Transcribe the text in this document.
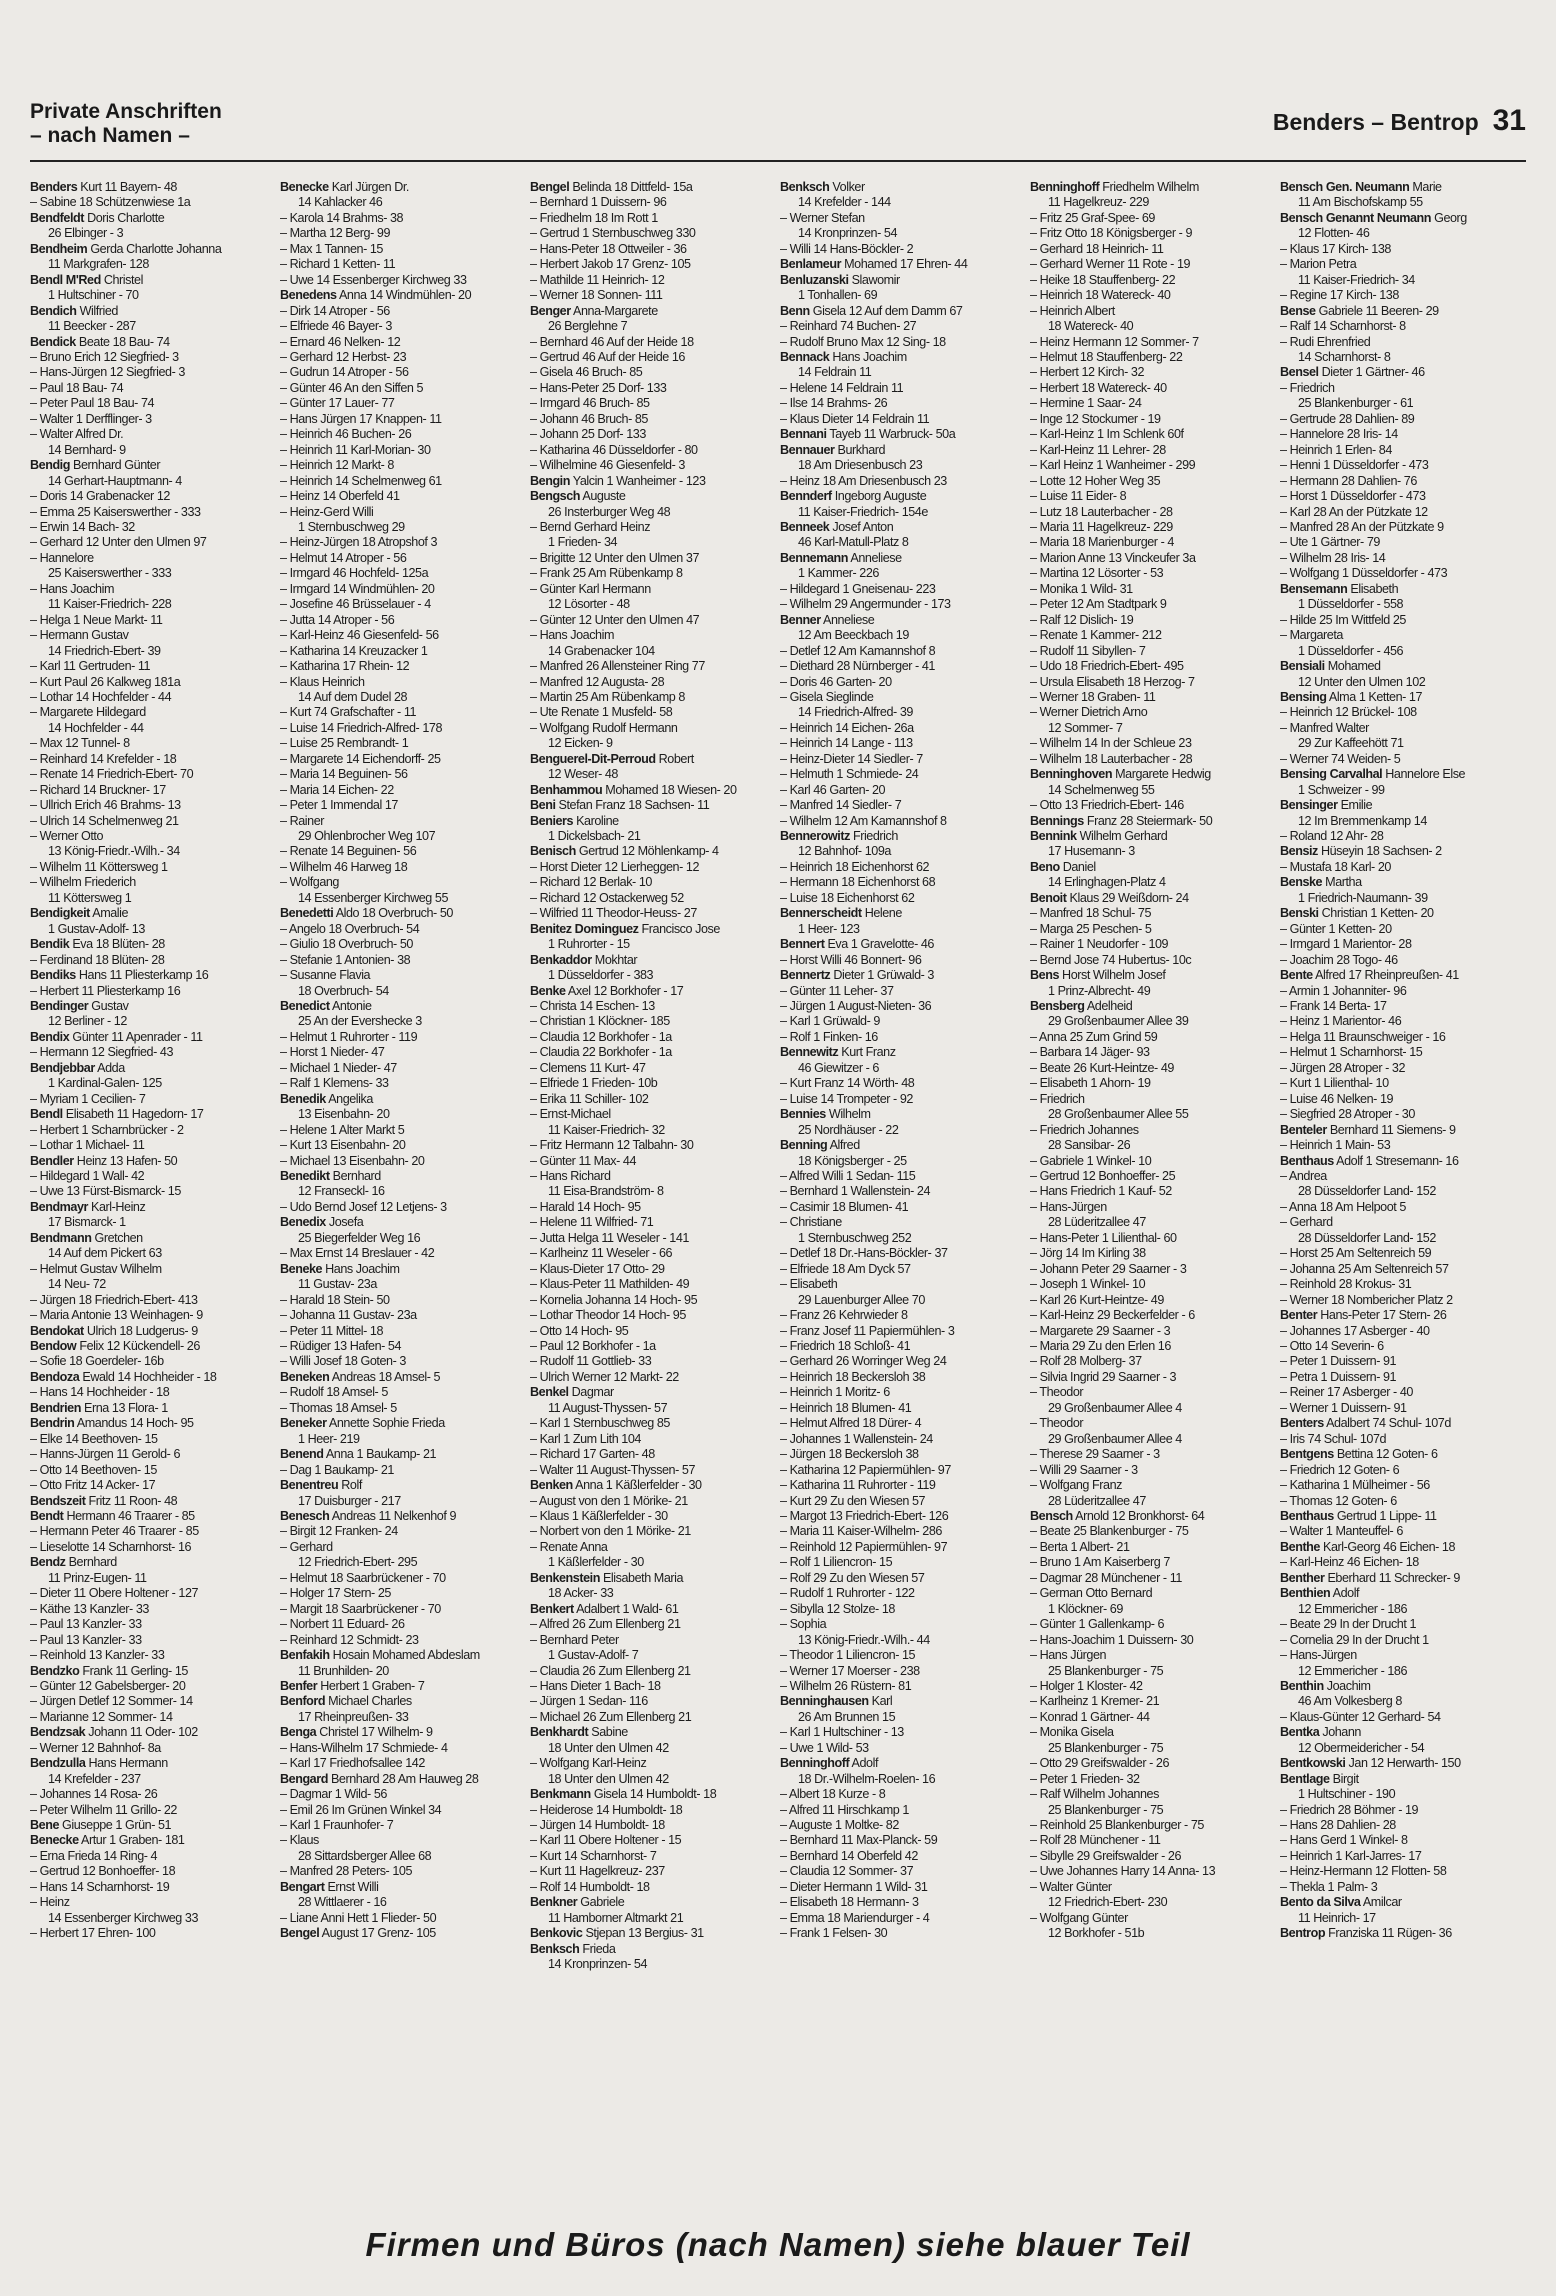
Private Anschriften
– nach Namen –
Benders – Bentrop 31
Benders Kurt 11 Bayern- 48
– Sabine 18 Schützenwiese 1a
Bendfeldt Doris Charlotte
26 Elbinger - 3
Bendheim Gerda Charlotte Johanna
11 Markgrafen- 128
Bendl M'Red Christel
1 Hultschiner - 70
Bendich Wilfried
11 Beecker - 287
Bendick Beate 18 Bau- 74
– Bruno Erich 12 Siegfried- 3
– Hans-Jürgen 12 Siegfried- 3
– Paul 18 Bau- 74
– Peter Paul 18 Bau- 74
– Walter 1 Derfflinger- 3
– Walter Alfred Dr.
14 Bernhard- 9
Bendig Bernhard Günter
14 Gerhart-Hauptmann- 4
– Doris 14 Grabenacker 12
– Emma 25 Kaiserswerther - 333
– Erwin 14 Bach- 32
– Gerhard 12 Unter den Ulmen 97
– Hannelore
25 Kaiserswerther - 333
– Hans Joachim
11 Kaiser-Friedrich- 228
– Helga 1 Neue Markt- 11
– Hermann Gustav
14 Friedrich-Ebert- 39
– Karl 11 Gertruden- 11
– Kurt Paul 26 Kalkweg 181a
– Lothar 14 Hochfelder - 44
– Margarete Hildegard
14 Hochfelder - 44
– Max 12 Tunnel- 8
– Reinhard 14 Krefelder - 18
– Renate 14 Friedrich-Ebert- 70
– Richard 14 Bruckner- 17
– Ullrich Erich 46 Brahms- 13
– Ulrich 14 Schelmenweg 21
– Werner Otto
13 König-Friedr.-Wilh.- 34
– Wilhelm 11 Köttersweg 1
– Wilhelm Friederich
11 Köttersweg 1
Bendigkeit Amalie
1 Gustav-Adolf- 13
Bendik Eva 18 Blüten- 28
– Ferdinand 18 Blüten- 28
Bendiks Hans 11 Pliesterkamp 16
– Herbert 11 Pliesterkamp 16
Bendinger Gustav
12 Berliner - 12
Bendix Günter 11 Apenrader - 11
– Hermann 12 Siegfried- 43
Bendjebbar Adda
1 Kardinal-Galen- 125
– Myriam 1 Cecilien- 7
Bendl Elisabeth 11 Hagedorn- 17
– Herbert 1 Scharnbrücker - 2
– Lothar 1 Michael- 11
Bendler Heinz 13 Hafen- 50
– Hildegard 1 Wall- 42
– Uwe 13 Fürst-Bismarck- 15
Bendmayr Karl-Heinz
17 Bismarck- 1
Bendmann Gretchen
14 Auf dem Pickert 63
– Helmut Gustav Wilhelm
14 Neu- 72
– Jürgen 18 Friedrich-Ebert- 413
– Maria Antonie 13 Weinhagen- 9
Bendokat Ulrich 18 Ludgerus- 9
Bendow Felix 12 Kückendell- 26
– Sofie 18 Goerdeler- 16b
Bendoza Ewald 14 Hochheider - 18
– Hans 14 Hochheider - 18
Bendrien Erna 13 Flora- 1
Bendrin Amandus 14 Hoch- 95
– Elke 14 Beethoven- 15
– Hanns-Jürgen 11 Gerold- 6
– Otto 14 Beethoven- 15
– Otto Fritz 14 Acker- 17
Bendszeit Fritz 11 Roon- 48
Bendt Hermann 46 Traarer - 85
– Hermann Peter 46 Traarer - 85
– Lieselotte 14 Scharnhorst- 16
Bendz Bernhard
11 Prinz-Eugen- 11
– Dieter 11 Obere Holtener - 127
– Käthe 13 Kanzler- 33
– Paul 13 Kanzler- 33
– Paul 13 Kanzler- 33
– Reinhold 13 Kanzler- 33
Bendzko Frank 11 Gerling- 15
– Günter 12 Gabelsberger- 20
– Jürgen Detlef 12 Sommer- 14
– Marianne 12 Sommer- 14
Bendzsak Johann 11 Oder- 102
– Werner 12 Bahnhof- 8a
Bendzulla Hans Hermann
14 Krefelder - 237
– Johannes 14 Rosa- 26
– Peter Wilhelm 11 Grillo- 22
Bene Giuseppe 1 Grün- 51
Benecke Artur 1 Graben- 181
– Erna Frieda 14 Ring- 4
– Gertrud 12 Bonhoeffer- 18
– Hans 14 Scharnhorst- 19
– Heinz
14 Essenberger Kirchweg 33
– Herbert 17 Ehren- 100
Benecke Karl Jürgen Dr.
14 Kahlacker 46
– Karola 14 Brahms- 38
– Martha 12 Berg- 99
– Max 1 Tannen- 15
– Richard 1 Ketten- 11
– Uwe 14 Essenberger Kirchweg 33
Benedens Anna 14 Windmühlen- 20
– Dirk 14 Atroper - 56
– Elfriede 46 Bayer- 3
– Ernard 46 Nelken- 12
– Gerhard 12 Herbst- 23
– Gudrun 14 Atroper - 56
– Günter 46 An den Siffen 5
– Günter 17 Lauer- 77
– Hans Jürgen 17 Knappen- 11
– Heinrich 46 Buchen- 26
– Heinrich 11 Karl-Morian- 30
– Heinrich 12 Markt- 8
– Heinrich 14 Schelmenweg 61
– Heinz 14 Oberfeld 41
– Heinz-Gerd Willi
1 Sternbuschweg 29
– Heinz-Jürgen 18 Atropshof 3
– Helmut 14 Atroper - 56
– Irmgard 46 Hochfeld- 125a
– Irmgard 14 Windmühlen- 20
– Josefine 46 Brüsselauer - 4
– Jutta 14 Atroper - 56
– Karl-Heinz 46 Giesenfeld- 56
– Katharina 14 Kreuzacker 1
– Katharina 17 Rhein- 12
– Klaus Heinrich
14 Auf dem Dudel 28
– Kurt 74 Grafschafter - 11
– Luise 14 Friedrich-Alfred- 178
– Luise 25 Rembrandt- 1
– Margarete 14 Eichendorff- 25
– Maria 14 Beguinen- 56
– Maria 14 Eichen- 22
– Peter 1 Immendal 17
– Rainer
29 Ohlenbrocher Weg 107
– Renate 14 Beguinen- 56
– Wilhelm 46 Harweg 18
– Wolfgang
14 Essenberger Kirchweg 55
Benedetti Aldo 18 Overbruch- 50
– Angelo 18 Overbruch- 54
– Giulio 18 Overbruch- 50
– Stefanie 1 Antonien- 38
– Susanne Flavia
18 Overbruch- 54
Benedict Antonie
25 An der Evershecke 3
– Helmut 1 Ruhrorter - 119
– Horst 1 Nieder- 47
– Michael 1 Nieder- 47
– Ralf 1 Klemens- 33
Benedik Angelika
13 Eisenbahn- 20
– Helene 1 Alter Markt 5
– Kurt 13 Eisenbahn- 20
– Michael 13 Eisenbahn- 20
Benedikt Bernhard
12 Franseckl- 16
– Udo Bernd Josef 12 Letjens- 3
Benedix Josefa
25 Biegerfelder Weg 16
– Max Ernst 14 Breslauer - 42
Beneke Hans Joachim
11 Gustav- 23a
– Harald 18 Stein- 50
– Johanna 11 Gustav- 23a
– Peter 11 Mittel- 18
– Rüdiger 13 Hafen- 54
– Willi Josef 18 Goten- 3
Beneken Andreas 18 Amsel- 5
– Rudolf 18 Amsel- 5
– Thomas 18 Amsel- 5
Beneker Annette Sophie Frieda
1 Heer- 219
Benend Anna 1 Baukamp- 21
– Dag 1 Baukamp- 21
Benentreu Rolf
17 Duisburger - 217
Benesch Andreas 11 Nelkenhof 9
– Birgit 12 Franken- 24
– Gerhard
12 Friedrich-Ebert- 295
– Helmut 18 Saarbrückener - 70
– Holger 17 Stern- 25
– Margit 18 Saarbrückener - 70
– Norbert 11 Eduard- 26
– Reinhard 12 Schmidt- 23
Benfakih Hosain Mohamed Abdeslam
11 Brunhilden- 20
Benfer Herbert 1 Graben- 7
Benford Michael Charles
17 Rheinpreußen- 33
Benga Christel 17 Wilhelm- 9
– Hans-Wilhelm 17 Schmiede- 4
– Karl 17 Friedhofsallee 142
Bengard Bernhard 28 Am Hauweg 28
– Dagmar 1 Wild- 56
– Emil 26 Im Grünen Winkel 34
– Karl 1 Fraunhofer- 7
– Klaus
28 Sittardsberger Allee 68
– Manfred 28 Peters- 105
Bengart Ernst Willi
28 Wittlaerer - 16
– Liane Anni Hett 1 Flieder- 50
Bengel August 17 Grenz- 105
Bengel Belinda 18 Dittfeld- 15a
– Bernhard 1 Duissern- 96
– Friedhelm 18 Im Rott 1
– Gertrud 1 Sternbuschweg 330
– Hans-Peter 18 Ottweiler - 36
– Herbert Jakob 17 Grenz- 105
– Mathilde 11 Heinrich- 12
– Werner 18 Sonnen- 111
Benger Anna-Margarete
26 Berglehne 7
– Bernhard 46 Auf der Heide 18
– Gertrud 46 Auf der Heide 16
– Gisela 46 Bruch- 85
– Hans-Peter 25 Dorf- 133
– Irmgard 46 Bruch- 85
– Johann 46 Bruch- 85
– Johann 25 Dorf- 133
– Katharina 46 Düsseldorfer - 80
– Wilhelmine 46 Giesenfeld- 3
Bengin Yalcin 1 Wanheimer - 123
Bengsch Auguste
26 Insterburger Weg 48
– Bernd Gerhard Heinz
1 Frieden- 34
– Brigitte 12 Unter den Ulmen 37
– Frank 25 Am Rübenkamp 8
– Günter Karl Hermann
12 Lösorter - 48
– Günter 12 Unter den Ulmen 47
– Hans Joachim
14 Grabenacker 104
– Manfred 26 Allensteiner Ring 77
– Manfred 12 Augusta- 28
– Martin 25 Am Rübenkamp 8
– Ute Renate 1 Musfeld- 58
– Wolfgang Rudolf Hermann
12 Eicken- 9
Benguerel-Dit-Perroud Robert
12 Weser- 48
Benhammou Mohamed 18 Wiesen- 20
Beni Stefan Franz 18 Sachsen- 11
Beniers Karoline
1 Dickelsbach- 21
Benisch Gertrud 12 Möhlenkamp- 4
– Horst Dieter 12 Lierheggen- 12
– Richard 12 Berlak- 10
– Richard 12 Ostackerweg 52
– Wilfried 11 Theodor-Heuss- 27
Benitez Dominguez Francisco Jose
1 Ruhrorter - 15
Benkaddor Mokhtar
1 Düsseldorfer - 383
Benke Axel 12 Borkhofer - 17
– Christa 14 Eschen- 13
– Christian 1 Klöckner- 185
– Claudia 12 Borkhofer - 1a
– Claudia 22 Borkhofer - 1a
– Clemens 11 Kurt- 47
– Elfriede 1 Frieden- 10b
– Erika 11 Schiller- 102
– Ernst-Michael
11 Kaiser-Friedrich- 32
– Fritz Hermann 12 Talbahn- 30
– Günter 11 Max- 44
– Hans Richard
11 Eisa-Brandström- 8
– Harald 14 Hoch- 95
– Helene 11 Wilfried- 71
– Jutta Helga 11 Weseler - 141
– Karlheinz 11 Weseler - 66
– Klaus-Dieter 17 Otto- 29
– Klaus-Peter 11 Mathilden- 49
– Kornelia Johanna 14 Hoch- 95
– Lothar Theodor 14 Hoch- 95
– Otto 14 Hoch- 95
– Paul 12 Borkhofer - 1a
– Rudolf 11 Gottlieb- 33
– Ulrich Werner 12 Markt- 22
Benkel Dagmar
11 August-Thyssen- 57
– Karl 1 Sternbuschweg 85
– Karl 1 Zum Lith 104
– Richard 17 Garten- 48
– Walter 11 August-Thyssen- 57
Benken Anna 1 Käßlerfelder - 30
– August von den 1 Mörike- 21
– Klaus 1 Käßlerfelder - 30
– Norbert von den 1 Mörike- 21
– Renate Anna
1 Käßlerfelder - 30
Benkenstein Elisabeth Maria
18 Acker- 33
Benkert Adalbert 1 Wald- 61
– Alfred 26 Zum Ellenberg 21
– Bernhard Peter
1 Gustav-Adolf- 7
– Claudia 26 Zum Ellenberg 21
– Hans Dieter 1 Bach- 18
– Jürgen 1 Sedan- 116
– Michael 26 Zum Ellenberg 21
Benkhardt Sabine
18 Unter den Ulmen 42
– Wolfgang Karl-Heinz
18 Unter den Ulmen 42
Benkmann Gisela 14 Humboldt- 18
– Heiderose 14 Humboldt- 18
– Jürgen 14 Humboldt- 18
– Karl 11 Obere Holtener - 15
– Kurt 14 Scharnhorst- 7
– Kurt 11 Hagelkreuz- 237
– Rolf 14 Humboldt- 18
Benkner Gabriele
11 Hamborner Altmarkt 21
Benkovic Stjepan 13 Bergius- 31
Benksch Frieda
14 Kronprinzen- 54
Benksch Volker
14 Krefelder - 144
– Werner Stefan
14 Kronprinzen- 54
– Willi 14 Hans-Böckler- 2
Benlameur Mohamed 17 Ehren- 44
Benluzanski Slawomir
1 Tonhallen- 69
Benn Gisela 12 Auf dem Damm 67
– Reinhard 74 Buchen- 27
– Rudolf Bruno Max 12 Sing- 18
Bennack Hans Joachim
14 Feldrain 11
– Helene 14 Feldrain 11
– Ilse 14 Brahms- 26
– Klaus Dieter 14 Feldrain 11
Bennani Tayeb 11 Warbruck- 50a
Bennauer Burkhard
18 Am Driesenbusch 23
– Heinz 18 Am Driesenbusch 23
Bennderf Ingeborg Auguste
11 Kaiser-Friedrich- 154e
Benneek Josef Anton
46 Karl-Matull-Platz 8
Bennemann Anneliese
1 Kammer- 226
– Hildegard 1 Gneisenau- 223
– Wilhelm 29 Angermunder - 173
Benner Anneliese
12 Am Beeckbach 19
– Detlef 12 Am Kamannshof 8
– Diethard 28 Nürnberger - 41
– Doris 46 Garten- 20
– Gisela Sieglinde
14 Friedrich-Alfred- 39
– Heinrich 14 Eichen- 26a
– Heinrich 14 Lange - 113
– Heinz-Dieter 14 Siedler- 7
– Helmuth 1 Schmiede- 24
– Karl 46 Garten- 20
– Manfred 14 Siedler- 7
– Wilhelm 12 Am Kamannshof 8
Bennerowitz Friedrich
12 Bahnhof- 109a
– Heinrich 18 Eichenhorst 62
– Hermann 18 Eichenhorst 68
– Luise 18 Eichenhorst 62
Bennerscheidt Helene
1 Heer- 123
Bennert Eva 1 Gravelotte- 46
– Horst Willi 46 Bonnert- 96
Bennertz Dieter 1 Grüwald- 3
– Günter 11 Leher- 37
– Jürgen 1 August-Nieten- 36
– Karl 1 Grüwald- 9
– Rolf 1 Finken- 16
Bennewitz Kurt Franz
46 Giewitzer - 6
– Kurt Franz 14 Wörth- 48
– Luise 14 Trompeter - 92
Bennies Wilhelm
25 Nordhäuser - 22
Benning Alfred
18 Königsberger - 25
– Alfred Willi 1 Sedan- 115
– Bernhard 1 Wallenstein- 24
– Casimir 18 Blumen- 41
– Christiane
1 Sternbuschweg 252
– Detlef 18 Dr.-Hans-Böckler- 37
– Elfriede 18 Am Dyck 57
– Elisabeth
29 Lauenburger Allee 70
– Franz 26 Kehrwieder 8
– Franz Josef 11 Papiermühlen- 3
– Friedrich 18 Schloß- 41
– Gerhard 26 Worringer Weg 24
– Heinrich 18 Beckersloh 38
– Heinrich 1 Moritz- 6
– Heinrich 18 Blumen- 41
– Helmut Alfred 18 Dürer- 4
– Johannes 1 Wallenstein- 24
– Jürgen 18 Beckersloh 38
– Katharina 12 Papiermühlen- 97
– Katharina 11 Ruhrorter - 119
– Kurt 29 Zu den Wiesen 57
– Margot 13 Friedrich-Ebert- 126
– Maria 11 Kaiser-Wilhelm- 286
– Reinhold 12 Papiermühlen- 97
– Rolf 1 Liliencron- 15
– Rolf 29 Zu den Wiesen 57
– Rudolf 1 Ruhrorter - 122
– Sibylla 12 Stolze- 18
– Sophia
13 König-Friedr.-Wilh.- 44
– Theodor 1 Liliencron- 15
– Werner 17 Moerser - 238
– Wilhelm 26 Rüstern- 81
Benninghausen Karl
26 Am Brunnen 15
– Karl 1 Hultschiner - 13
– Uwe 1 Wild- 53
Benninghoff Adolf
18 Dr.-Wilhelm-Roelen- 16
– Albert 18 Kurze - 8
– Alfred 11 Hirschkamp 1
– Auguste 1 Moltke- 82
– Bernhard 11 Max-Planck- 59
– Bernhard 14 Oberfeld 42
– Claudia 12 Sommer- 37
– Dieter Hermann 1 Wild- 31
– Elisabeth 18 Hermann- 3
– Emma 18 Mariendurger - 4
– Frank 1 Felsen- 30
Benninghoff Friedhelm Wilhelm
11 Hagelkreuz- 229
– Fritz 25 Graf-Spee- 69
– Fritz Otto 18 Königsberger - 9
– Gerhard 18 Heinrich- 11
– Gerhard Werner 11 Rote - 19
– Heike 18 Stauffenberg- 22
– Heinrich 18 Watereck- 40
– Heinrich Albert
18 Watereck- 40
– Heinz Hermann 12 Sommer- 7
– Helmut 18 Stauffenberg- 22
– Herbert 12 Kirch- 32
– Herbert 18 Watereck- 40
– Hermine 1 Saar- 24
– Inge 12 Stockumer - 19
– Karl-Heinz 1 Im Schlenk 60f
– Karl-Heinz 11 Lehrer- 28
– Karl Heinz 1 Wanheimer - 299
– Lotte 12 Hoher Weg 35
– Luise 11 Eider- 8
– Lutz 18 Lauterbacher - 28
– Maria 11 Hagelkreuz- 229
– Maria 18 Marienburger - 4
– Marion Anne 13 Vinckeufer 3a
– Martina 12 Lösorter - 53
– Monika 1 Wild- 31
– Peter 12 Am Stadtpark 9
– Ralf 12 Dislich- 19
– Renate 1 Kammer- 212
– Rudolf 11 Sibyllen- 7
– Udo 18 Friedrich-Ebert- 495
– Ursula Elisabeth 18 Herzog- 7
– Werner 18 Graben- 11
– Werner Dietrich Arno
12 Sommer- 7
– Wilhelm 14 In der Schleue 23
– Wilhelm 18 Lauterbacher - 28
Benninghoven Margarete Hedwig
14 Schelmenweg 55
– Otto 13 Friedrich-Ebert- 146
Bennings Franz 28 Steiermark- 50
Bennink Wilhelm Gerhard
17 Husemann- 3
Beno Daniel
14 Erlinghagen-Platz 4
Benoit Klaus 29 Weißdorn- 24
– Manfred 18 Schul- 75
– Marga 25 Peschen- 5
– Rainer 1 Neudorfer - 109
– Bernd Jose 74 Hubertus- 10c
Bens Horst Wilhelm Josef
1 Prinz-Albrecht- 49
Bensberg Adelheid
29 Großenbaumer Allee 39
– Anna 25 Zum Grind 59
– Barbara 14 Jäger- 93
– Beate 26 Kurt-Heintze- 49
– Elisabeth 1 Ahorn- 19
– Friedrich
28 Großenbaumer Allee 55
– Friedrich Johannes
28 Sansibar- 26
– Gabriele 1 Winkel- 10
– Gertrud 12 Bonhoeffer- 25
– Hans Friedrich 1 Kauf- 52
– Hans-Jürgen
28 Lüderitzallee 47
– Hans-Peter 1 Lilienthal- 60
– Jörg 14 Im Kirling 38
– Johann Peter 29 Saarner - 3
– Joseph 1 Winkel- 10
– Karl 26 Kurt-Heintze- 49
– Karl-Heinz 29 Beckerfelder - 6
– Margarete 29 Saarner - 3
– Maria 29 Zu den Erlen 16
– Rolf 28 Molberg- 37
– Silvia Ingrid 29 Saarner - 3
– Theodor
29 Großenbaumer Allee 4
– Theodor
29 Großenbaumer Allee 4
– Therese 29 Saarner - 3
– Willi 29 Saarner - 3
– Wolfgang Franz
28 Lüderitzallee 47
Bensch Arnold 12 Bronkhorst- 64
– Beate 25 Blankenburger - 75
– Berta 1 Albert- 21
– Bruno 1 Am Kaiserberg 7
– Dagmar 28 Münchener - 11
– German Otto Bernard
1 Klöckner- 69
– Günter 1 Gallenkamp- 6
– Hans-Joachim 1 Duissern- 30
– Hans Jürgen
25 Blankenburger - 75
– Holger 1 Kloster- 42
– Karlheinz 1 Kremer- 21
– Konrad 1 Gärtner- 44
– Monika Gisela
25 Blankenburger - 75
– Otto 29 Greifswalder - 26
– Peter 1 Frieden- 32
– Ralf Wilhelm Johannes
25 Blankenburger - 75
– Reinhold 25 Blankenburger - 75
– Rolf 28 Münchener - 11
– Sibylle 29 Greifswalder - 26
– Uwe Johannes Harry 14 Anna- 13
– Walter Günter
12 Friedrich-Ebert- 230
– Wolfgang Günter
12 Borkhofer - 51b
Bensch Gen. Neumann Marie
11 Am Bischofskamp 55
Bensch Genannt Neumann Georg
12 Flotten- 46
– Klaus 17 Kirch- 138
– Marion Petra
11 Kaiser-Friedrich- 34
– Regine 17 Kirch- 138
Bense Gabriele 11 Beeren- 29
– Ralf 14 Scharnhorst- 8
– Rudi Ehrenfried
14 Scharnhorst- 8
Bensel Dieter 1 Gärtner- 46
– Friedrich
25 Blankenburger - 61
– Gertrude 28 Dahlien- 89
– Hannelore 28 Iris- 14
– Heinrich 1 Erlen- 84
– Henni 1 Düsseldorfer - 473
– Hermann 28 Dahlien- 76
– Horst 1 Düsseldorfer - 473
– Karl 28 An der Pützkate 12
– Manfred 28 An der Pützkate 9
– Ute 1 Gärtner- 79
– Wilhelm 28 Iris- 14
– Wolfgang 1 Düsseldorfer - 473
Bensemann Elisabeth
1 Düsseldorfer - 558
– Hilde 25 Im Wittfeld 25
– Margareta
1 Düsseldorfer - 456
Bensiali Mohamed
12 Unter den Ulmen 102
Bensing Alma 1 Ketten- 17
– Heinrich 12 Brückel- 108
– Manfred Walter
29 Zur Kaffeehött 71
– Werner 74 Weiden- 5
Bensing Carvalhal Hannelore Else
1 Schweizer - 99
Bensinger Emilie
12 Im Bremmenkamp 14
– Roland 12 Ahr- 28
Bensiz Hüseyin 18 Sachsen- 2
– Mustafa 18 Karl- 20
Benske Martha
1 Friedrich-Naumann- 39
Benski Christian 1 Ketten- 20
– Günter 1 Ketten- 20
– Irmgard 1 Marientor- 28
– Joachim 28 Togo- 46
Bente Alfred 17 Rheinpreußen- 41
– Armin 1 Johanniter- 96
– Frank 14 Berta- 17
– Heinz 1 Marientor- 46
– Helga 11 Braunschweiger - 16
– Helmut 1 Scharnhorst- 15
– Jürgen 28 Atroper - 32
– Kurt 1 Lilienthal- 10
– Luise 46 Nelken- 19
– Siegfried 28 Atroper - 30
Benteler Bernhard 11 Siemens- 9
– Heinrich 1 Main- 53
Benthaus Adolf 1 Stresemann- 16
– Andrea
28 Düsseldorfer Land- 152
– Anna 18 Am Helpoot 5
– Gerhard
28 Düsseldorfer Land- 152
– Horst 25 Am Seltenreich 59
– Johanna 25 Am Seltenreich 57
– Reinhold 28 Krokus- 31
– Werner 18 Nombericher Platz 2
Benter Hans-Peter 17 Stern- 26
– Johannes 17 Asberger - 40
– Otto 14 Severin- 6
– Peter 1 Duissern- 91
– Petra 1 Duissern- 91
– Reiner 17 Asberger - 40
– Werner 1 Duissern- 91
Benters Adalbert 74 Schul- 107d
– Iris 74 Schul- 107d
Bentgens Bettina 12 Goten- 6
– Friedrich 12 Goten- 6
– Katharina 1 Mülheimer - 56
– Thomas 12 Goten- 6
Benthaus Gertrud 1 Lippe- 11
– Walter 1 Manteuffel- 6
Benthe Karl-Georg 46 Eichen- 18
– Karl-Heinz 46 Eichen- 18
Benther Eberhard 11 Schrecker- 9
Benthien Adolf
12 Emmericher - 186
– Beate 29 In der Drucht 1
– Cornelia 29 In der Drucht 1
– Hans-Jürgen
12 Emmericher - 186
Benthin Joachim
46 Am Volkesberg 8
– Klaus-Günter 12 Gerhard- 54
Bentka Johann
12 Obermeidericher - 54
Bentkowski Jan 12 Herwarth- 150
Bentlage Birgit
1 Hultschiner - 190
– Friedrich 28 Böhmer - 19
– Hans 28 Dahlien- 28
– Hans Gerd 1 Winkel- 8
– Heinrich 1 Karl-Jarres- 17
– Heinz-Hermann 12 Flotten- 58
– Thekla 1 Palm- 3
Bento da Silva Amilcar
11 Heinrich- 17
Bentrop Franziska 11 Rügen- 36
Firmen und Büros (nach Namen) siehe blauer Teil
